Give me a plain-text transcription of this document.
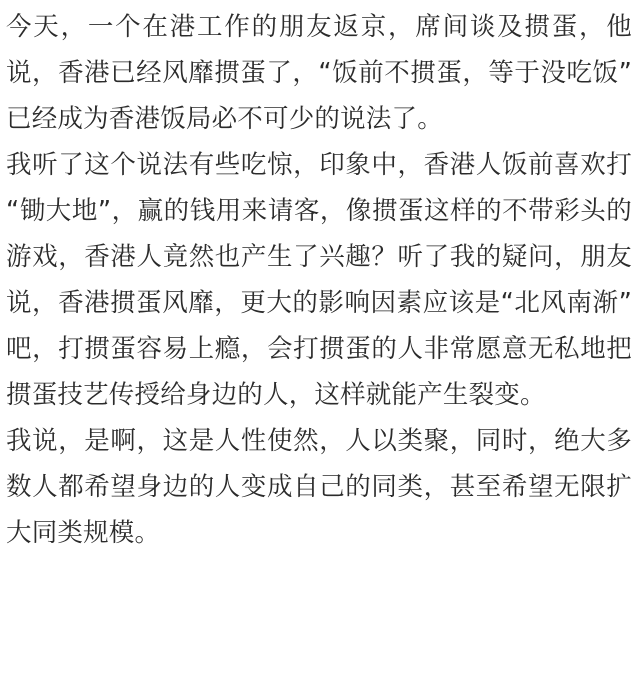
今天，一个在港工作的朋友返京，席间谈及掼蛋，他说，香港已经风靡掼蛋了，“饭前不掼蛋，等于没吃饭”已经成为香港饭局必不可少的说法了。

我听了这个说法有些吃惊，印象中，香港人饭前喜欢打“锄大地”，赢的钱用来请客，像掼蛋这样的不带彩头的游戏，香港人竟然也产生了兴趣？听了我的疑问，朋友说，香港掼蛋风靡，更大的影响因素应该是“北风南渐”吧，打掼蛋容易上瘾，会打掼蛋的人非常愿意无私地把掼蛋技艺传授给身边的人，这样就能产生裂变。

我说，是啊，这是人性使然，人以类聚，同时，绝大多数人都希望身边的人变成自己的同类，甚至希望无限扩大同类规模。
